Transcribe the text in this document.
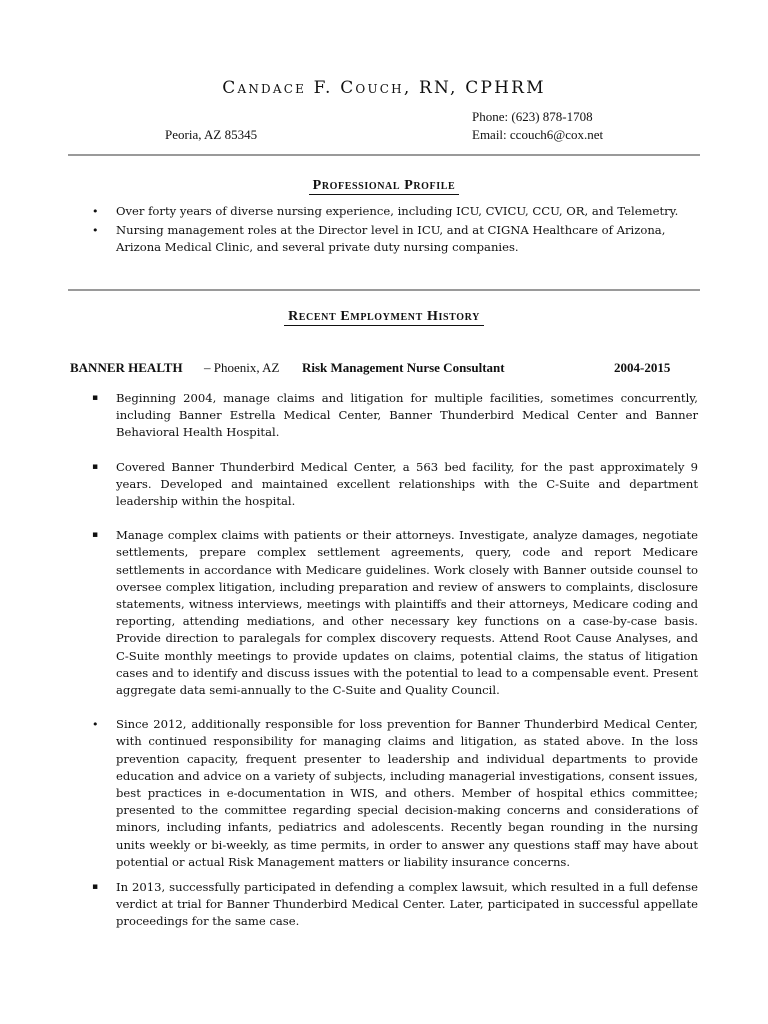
Candace F. Couch, RN, CPHRM
Phone: (623) 878-1708
Peoria, AZ 85345	Email: ccouch6@cox.net
Professional Profile
• Over forty years of diverse nursing experience, including ICU, CVICU, CCU, OR, and Telemetry.
• Nursing management roles at the Director level in ICU, and at CIGNA Healthcare of Arizona, Arizona Medical Clinic, and several private duty nursing companies.
Recent Employment History
BANNER HEALTH – Phoenix, AZ Risk Management Nurse Consultant	2004-2015
▪ Beginning 2004, manage claims and litigation for multiple facilities, sometimes concurrently, including Banner Estrella Medical Center, Banner Thunderbird Medical Center and Banner Behavioral Health Hospital.
▪ Covered Banner Thunderbird Medical Center, a 563 bed facility, for the past approximately 9 years. Developed and maintained excellent relationships with the C-Suite and department leadership within the hospital.
▪ Manage complex claims with patients or their attorneys. Investigate, analyze damages, negotiate settlements, prepare complex settlement agreements, query, code and report Medicare settlements in accordance with Medicare guidelines. Work closely with Banner outside counsel to oversee complex litigation, including preparation and review of answers to complaints, disclosure statements, witness interviews, meetings with plaintiffs and their attorneys, Medicare coding and reporting, attending mediations, and other necessary key functions on a case-by-case basis. Provide direction to paralegals for complex discovery requests. Attend Root Cause Analyses, and C-Suite monthly meetings to provide updates on claims, potential claims, the status of litigation cases and to identify and discuss issues with the potential to lead to a compensable event. Present aggregate data semi-annually to the C-Suite and Quality Council.
• Since 2012, additionally responsible for loss prevention for Banner Thunderbird Medical Center, with continued responsibility for managing claims and litigation, as stated above. In the loss prevention capacity, frequent presenter to leadership and individual departments to provide education and advice on a variety of subjects, including managerial investigations, consent issues, best practices in e-documentation in WIS, and others. Member of hospital ethics committee; presented to the committee regarding special decision-making concerns and considerations of minors, including infants, pediatrics and adolescents. Recently began rounding in the nursing units weekly or bi-weekly, as time permits, in order to answer any questions staff may have about potential or actual Risk Management matters or liability insurance concerns.
▪ In 2013, successfully participated in defending a complex lawsuit, which resulted in a full defense verdict at trial for Banner Thunderbird Medical Center. Later, participated in successful appellate proceedings for the same case.
